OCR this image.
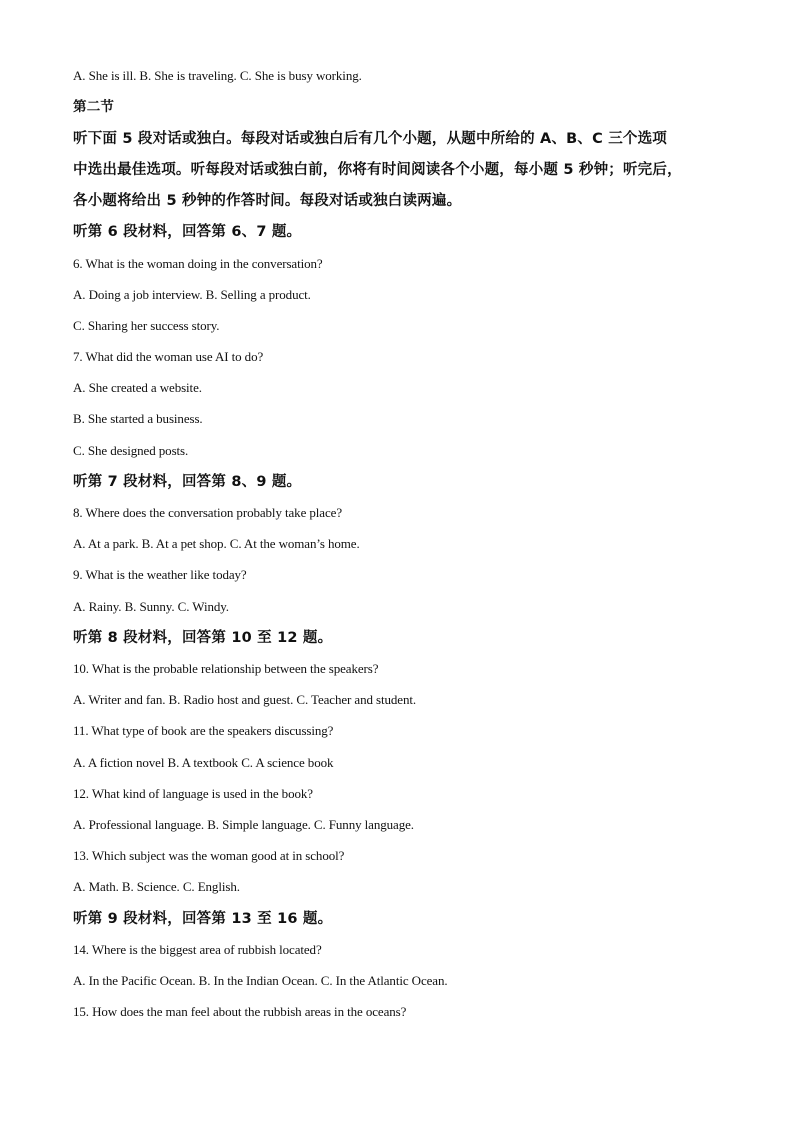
A. She is ill. B. She is traveling. C. She is busy working.
第二节
听下面 5 段对话或独白。每段对话或独白后有几个小题，从题中所给的 A、B、C 三个选项
中选出最佳选项。听每段对话或独白前，你将有时间阅读各个小题，每小题 5 秒钟；听完后，
各小题将给出 5 秒钟的作答时间。每段对话或独白读两遍。
听第 6 段材料，回答第 6、7 题。
6. What is the woman doing in the conversation?
A. Doing a job interview. B. Selling a product.
C. Sharing her success story.
7. What did the woman use AI to do?
A. She created a website.
B. She started a business.
C. She designed posts.
听第 7 段材料，回答第 8、9 题。
8. Where does the conversation probably take place?
A. At a park. B. At a pet shop. C. At the woman’s home.
9. What is the weather like today?
A. Rainy. B. Sunny. C. Windy.
听第 8 段材料，回答第 10 至 12 题。
10. What is the probable relationship between the speakers?
A. Writer and fan. B. Radio host and guest. C. Teacher and student.
11. What type of book are the speakers discussing?
A. A fiction novel B. A textbook C. A science book
12. What kind of language is used in the book?
A. Professional language. B. Simple language. C. Funny language.
13. Which subject was the woman good at in school?
A. Math. B. Science. C. English.
听第 9 段材料，回答第 13 至 16 题。
14. Where is the biggest area of rubbish located?
A. In the Pacific Ocean. B. In the Indian Ocean. C. In the Atlantic Ocean.
15. How does the man feel about the rubbish areas in the oceans?
